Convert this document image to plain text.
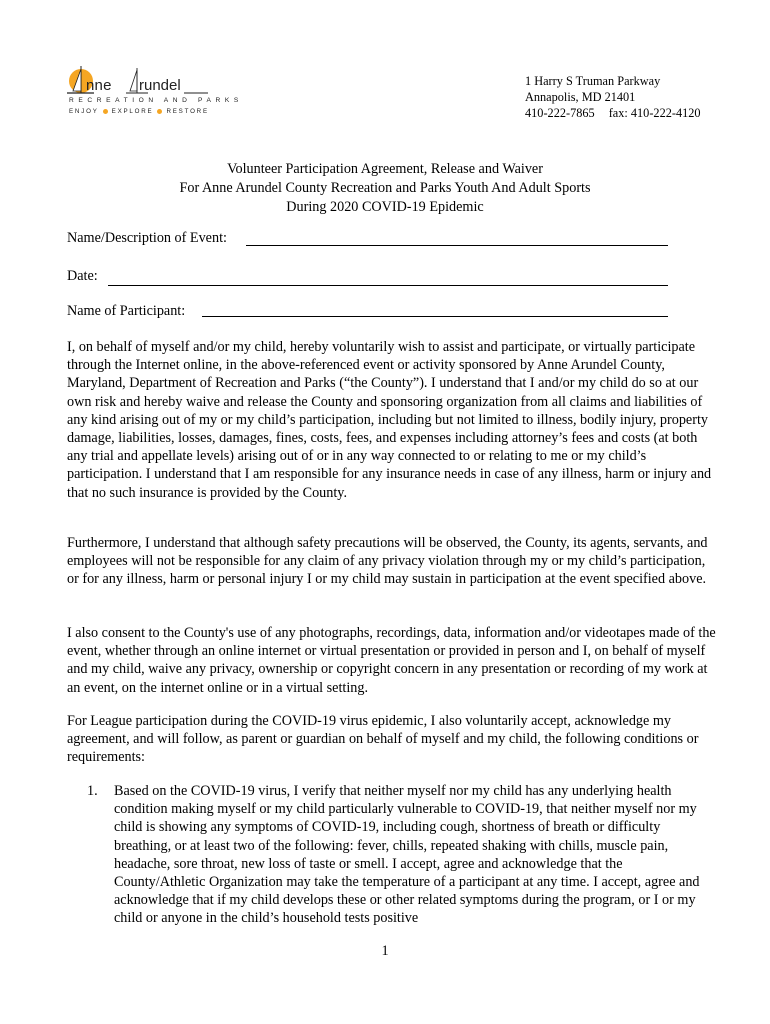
nne rundel
RECREATION AND PARKS
ENJOY EXPLORE RESTORE
1 Harry S Truman Parkway
Annapolis, MD 21401
410-222-7865 fax: 410-222-4120
Volunteer Participation Agreement, Release and Waiver
For Anne Arundel County Recreation and Parks Youth And Adult Sports
During 2020 COVID-19 Epidemic
Name/Description of Event:
Date:
Name of Participant:

I, on behalf of myself and/or my child, hereby voluntarily wish to assist and participate, or virtually participate through the Internet online, in the above-referenced event or activity sponsored by Anne Arundel County, Maryland, Department of Recreation and Parks (“the County”). I understand that I and/or my child do so at our own risk and hereby waive and release the County and sponsoring organization from all claims and liabilities of any kind arising out of my or my child’s participation, including but not limited to illness, bodily injury, property damage, liabilities, losses, damages, fines, costs, fees, and expenses including attorney’s fees and costs (at both any trial and appellate levels) arising out of or in any way connected to or relating to me or my child’s participation. I understand that I am responsible for any insurance needs in case of any illness, harm or injury and that no such insurance is provided by the County.

Furthermore, I understand that although safety precautions will be observed, the County, its agents, servants, and employees will not be responsible for any claim of any privacy violation through my or my child’s participation, or for any illness, harm or personal injury I or my child may sustain in participation at the event specified above.

I also consent to the County's use of any photographs, recordings, data, information and/or videotapes made of the event, whether through an online internet or virtual presentation or provided in person and I, on behalf of myself and my child, waive any privacy, ownership or copyright concern in any presentation or recording of my work at an event, on the internet online or in a virtual setting.

For League participation during the COVID-19 virus epidemic, I also voluntarily accept, acknowledge my agreement, and will follow, as parent or guardian on behalf of myself and my child, the following conditions or requirements:

1. Based on the COVID-19 virus, I verify that neither myself nor my child has any underlying health condition making myself or my child particularly vulnerable to COVID-19, that neither myself nor my child is showing any symptoms of COVID-19, including cough, shortness of breath or difficulty breathing, or at least two of the following: fever, chills, repeated shaking with chills, muscle pain, headache, sore throat, new loss of taste or smell. I accept, agree and acknowledge that the County/Athletic Organization may take the temperature of a participant at any time. I accept, agree and acknowledge that if my child develops these or other related symptoms during the program, or I or my child or anyone in the child’s household tests positive

1
